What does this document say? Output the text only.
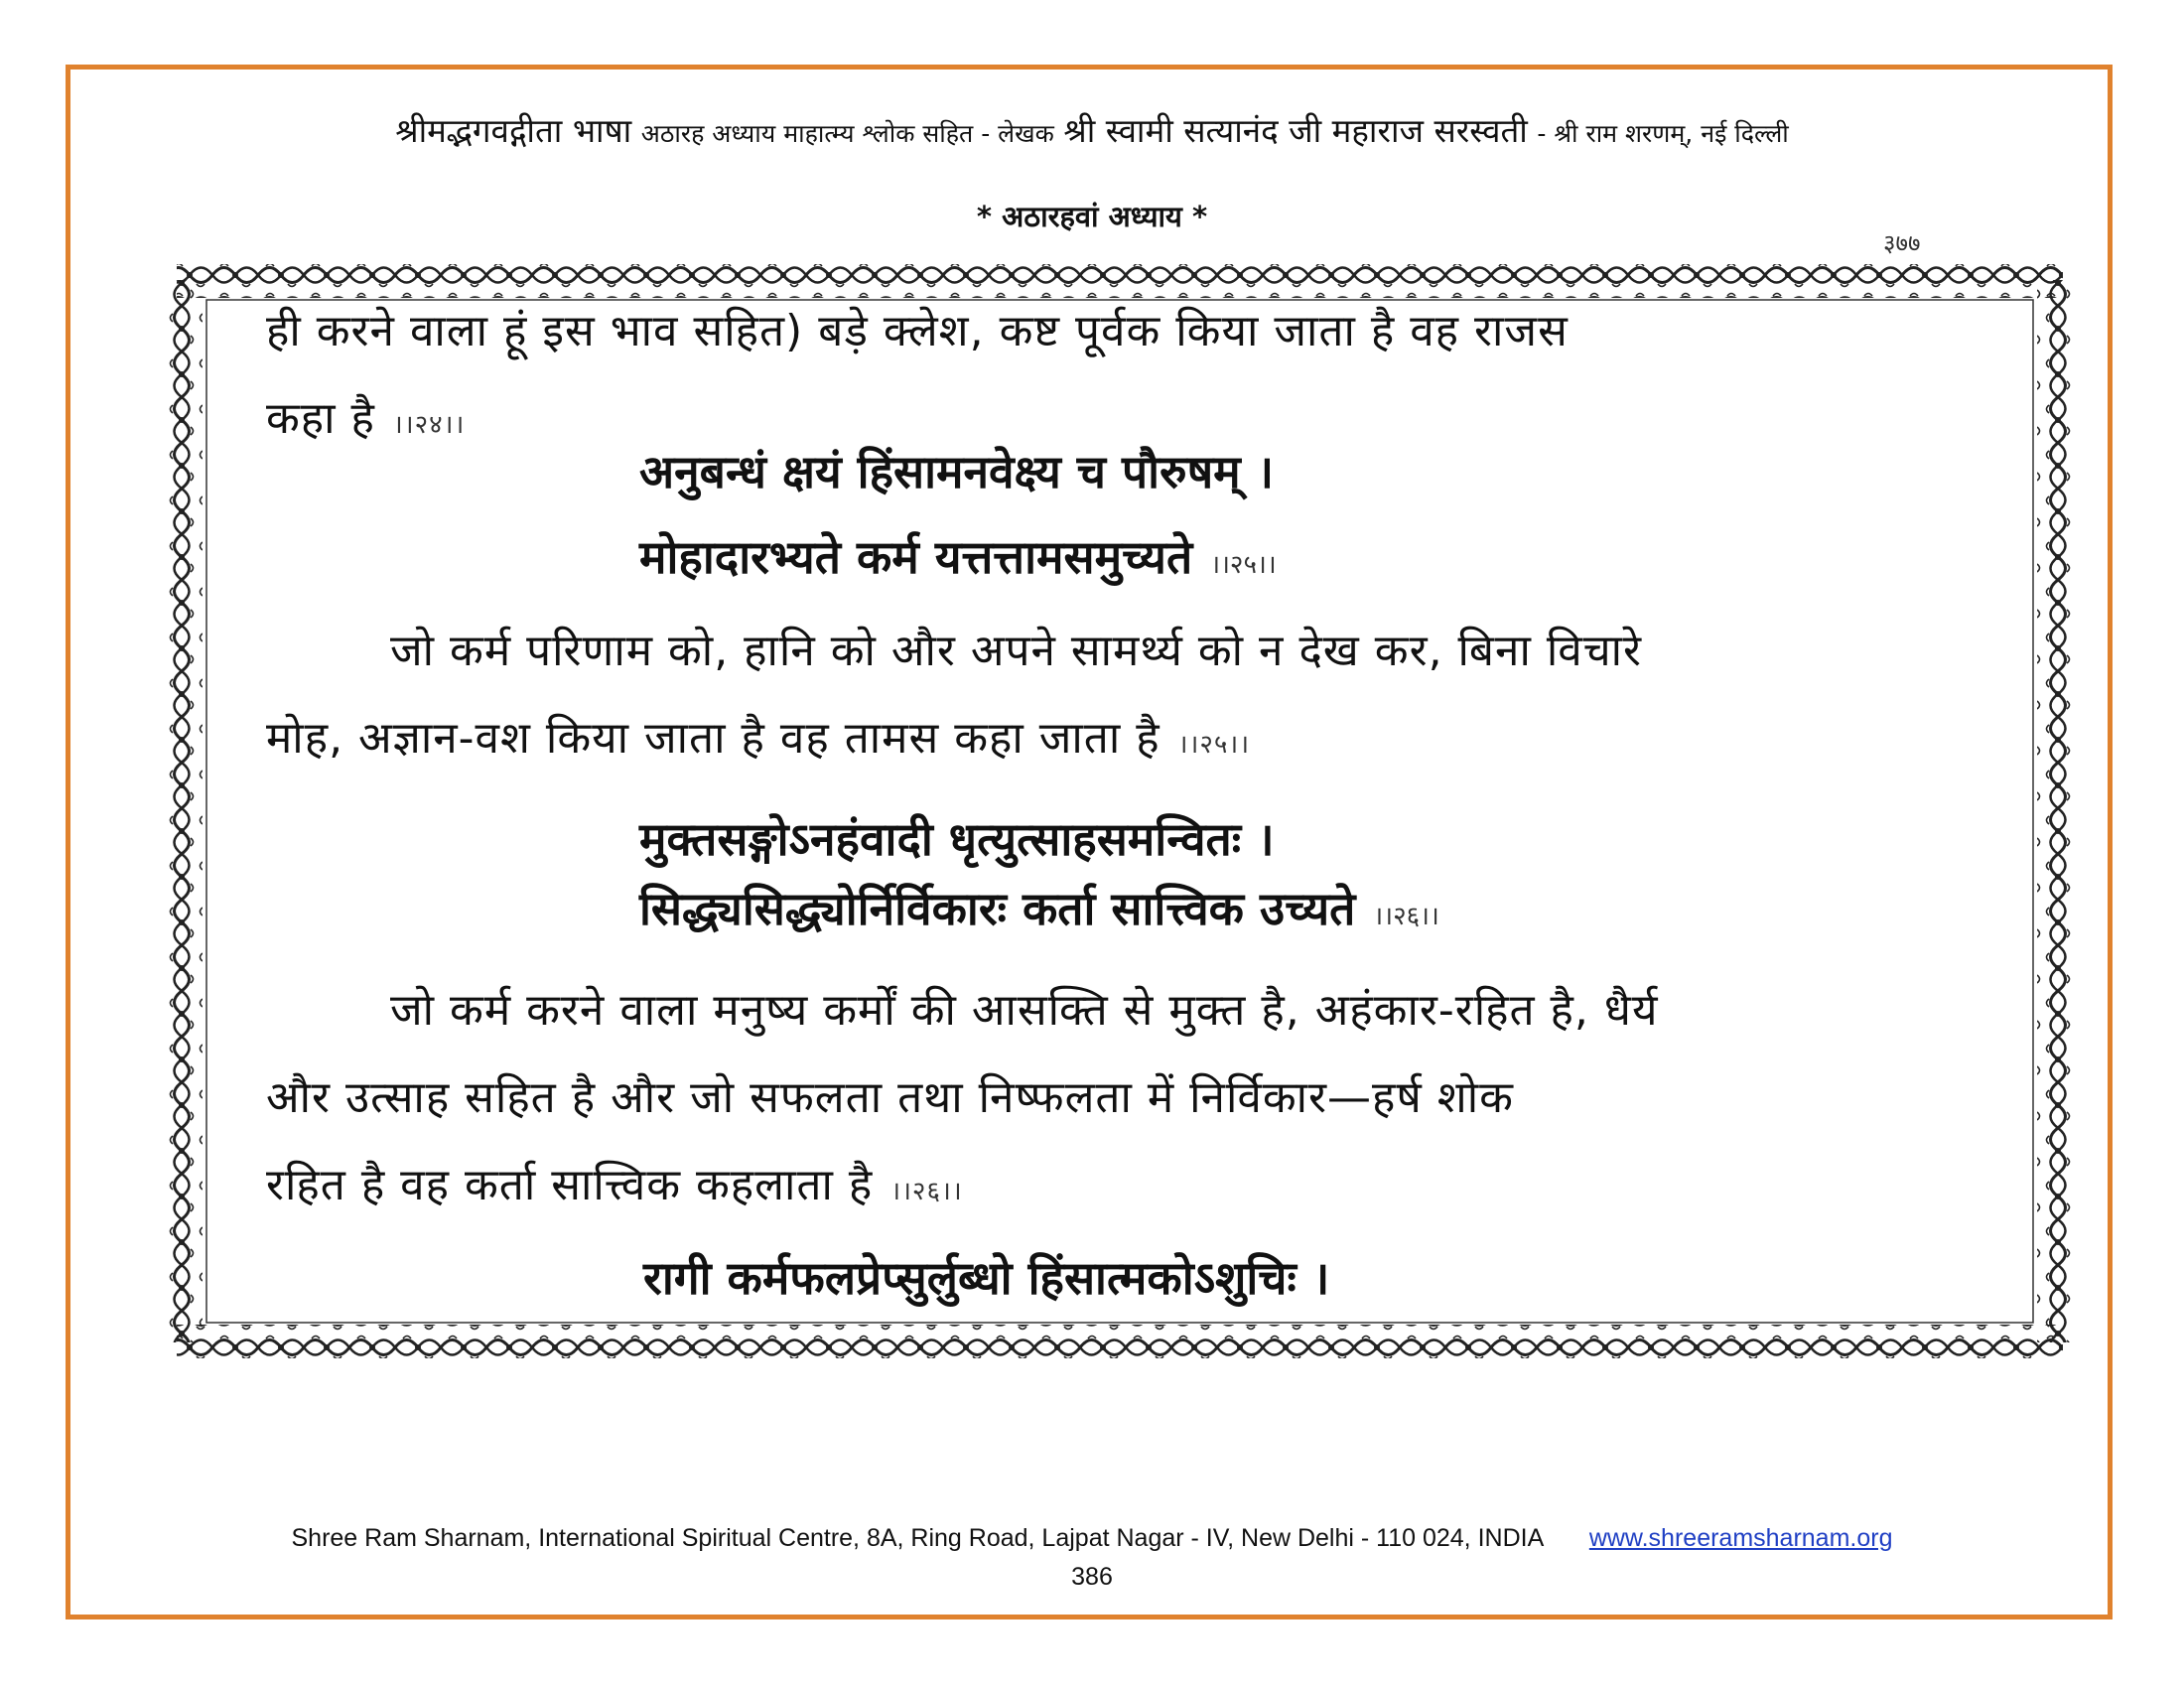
श्रीमद्भगवद्गीता भाषा अठारह अध्याय माहात्म्य श्लोक सहित - लेखक श्री स्वामी सत्यानंद जी महाराज सरस्वती - श्री राम शरणम्, नई दिल्ली
* अठारहवां अध्याय *
३७७

ही करने वाला हूं इस भाव सहित) बड़े क्लेश, कष्ट पूर्वक किया जाता है वह राजस

कहा है ।।२४।।

अनुबन्धं क्षयं हिंसामनवेक्ष्य च पौरुषम् ।

मोहादारभ्यते कर्म यत्तत्तामसमुच्यते ।।२५।।

जो कर्म परिणाम को, हानि को और अपने सामर्थ्य को न देख कर, बिना विचारे

मोह, अज्ञान-वश किया जाता है वह तामस कहा जाता है ।।२५।।

मुक्तसङ्गोऽनहंवादी धृत्युत्साहसमन्वितः ।

सिद्ध्यसिद्ध्योर्निर्विकारः कर्ता सात्त्विक उच्यते ।।२६।।

जो कर्म करने वाला मनुष्य कर्मों की आसक्ति से मुक्त है, अहंकार-रहित है, धैर्य

और उत्साह सहित है और जो सफलता तथा निष्फलता में निर्विकार—हर्ष शोक

रहित है वह कर्ता सात्त्विक कहलाता है ।।२६।।

रागी कर्मफलप्रेप्सुर्लुब्धो हिंसात्मकोऽशुचिः ।

Shree Ram Sharnam, International Spiritual Centre, 8A, Ring Road, Lajpat Nagar - IV, New Delhi - 110 024, INDIA www.shreeramsharnam.org
386
